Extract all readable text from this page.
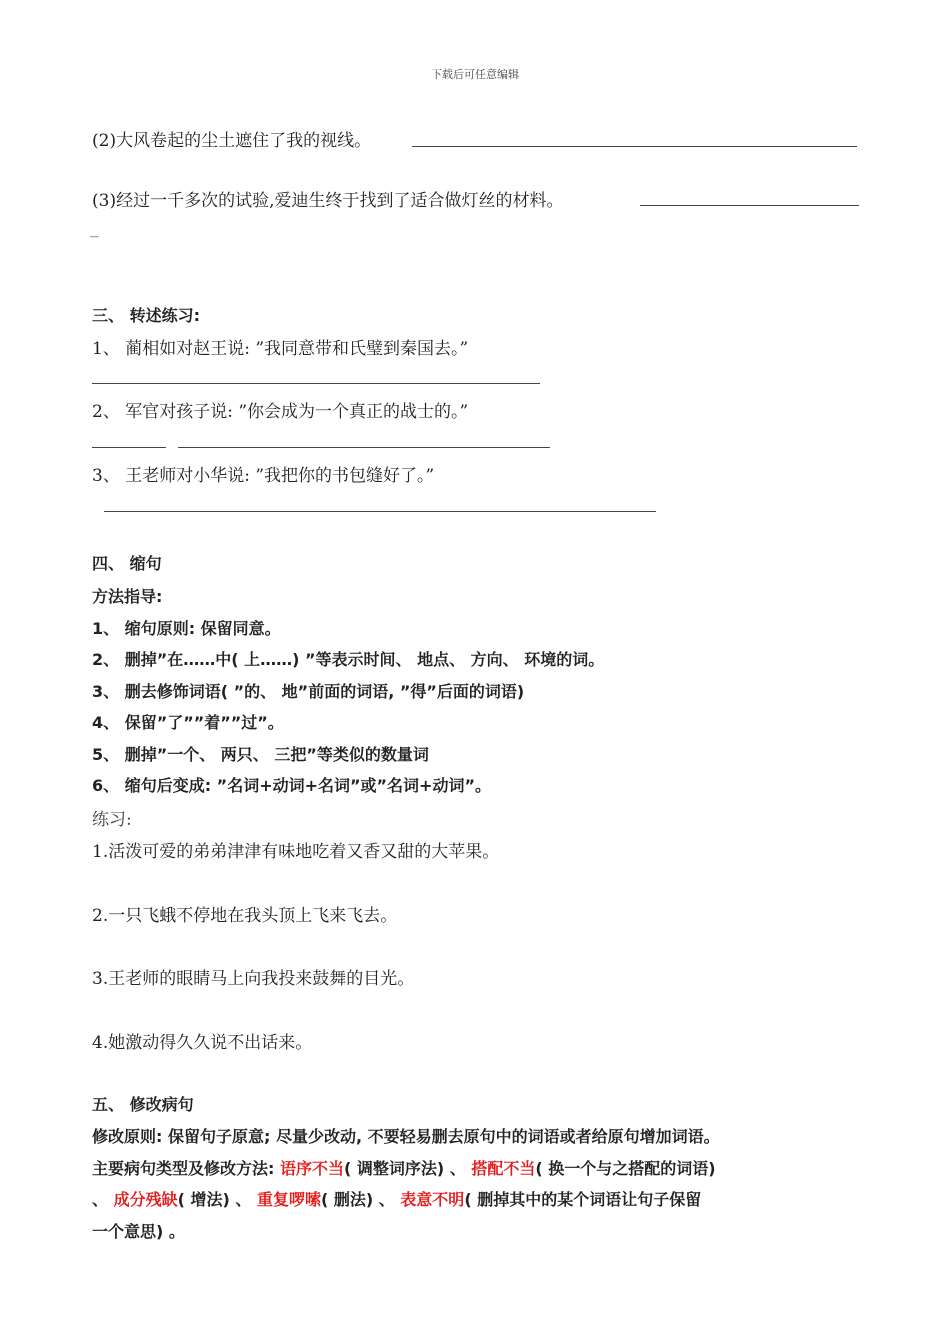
下载后可任意编辑
(2)大风卷起的尘土遮住了我的视线。
(3)经过一千多次的试验,爱迪生终于找到了适合做灯丝的材料。
_
三、 转述练习:
1、 蔺相如对赵王说: ”我同意带和氏璧到秦国去。”
2、 军官对孩子说: ”你会成为一个真正的战士的。”
3、 王老师对小华说: ”我把你的书包缝好了。”
四、 缩句
方法指导:
1、 缩句原则: 保留同意。
2、 删掉”在……中( 上……) ”等表示时间、 地点、 方向、 环境的词。
3、 删去修饰词语( ”的、 地”前面的词语, ”得”后面的词语)
4、 保留”了””着””过”。
5、 删掉”一个、 两只、 三把”等类似的数量词
6、 缩句后变成: ”名词+动词+名词”或”名词+动词”。
练习:
1.活泼可爱的弟弟津津有味地吃着又香又甜的大苹果。
2.一只飞蛾不停地在我头顶上飞来飞去。
3.王老师的眼睛马上向我投来鼓舞的目光。
4.她激动得久久说不出话来。
五、 修改病句
修改原则: 保留句子原意; 尽量少改动, 不要轻易删去原句中的词语或者给原句增加词语。
主要病句类型及修改方法: 语序不当( 调整词序法) 、 搭配不当( 换一个与之搭配的词语)
、 成分残缺( 增法) 、 重复啰嗦( 删法) 、 表意不明( 删掉其中的某个词语让句子保留
一个意思) 。
